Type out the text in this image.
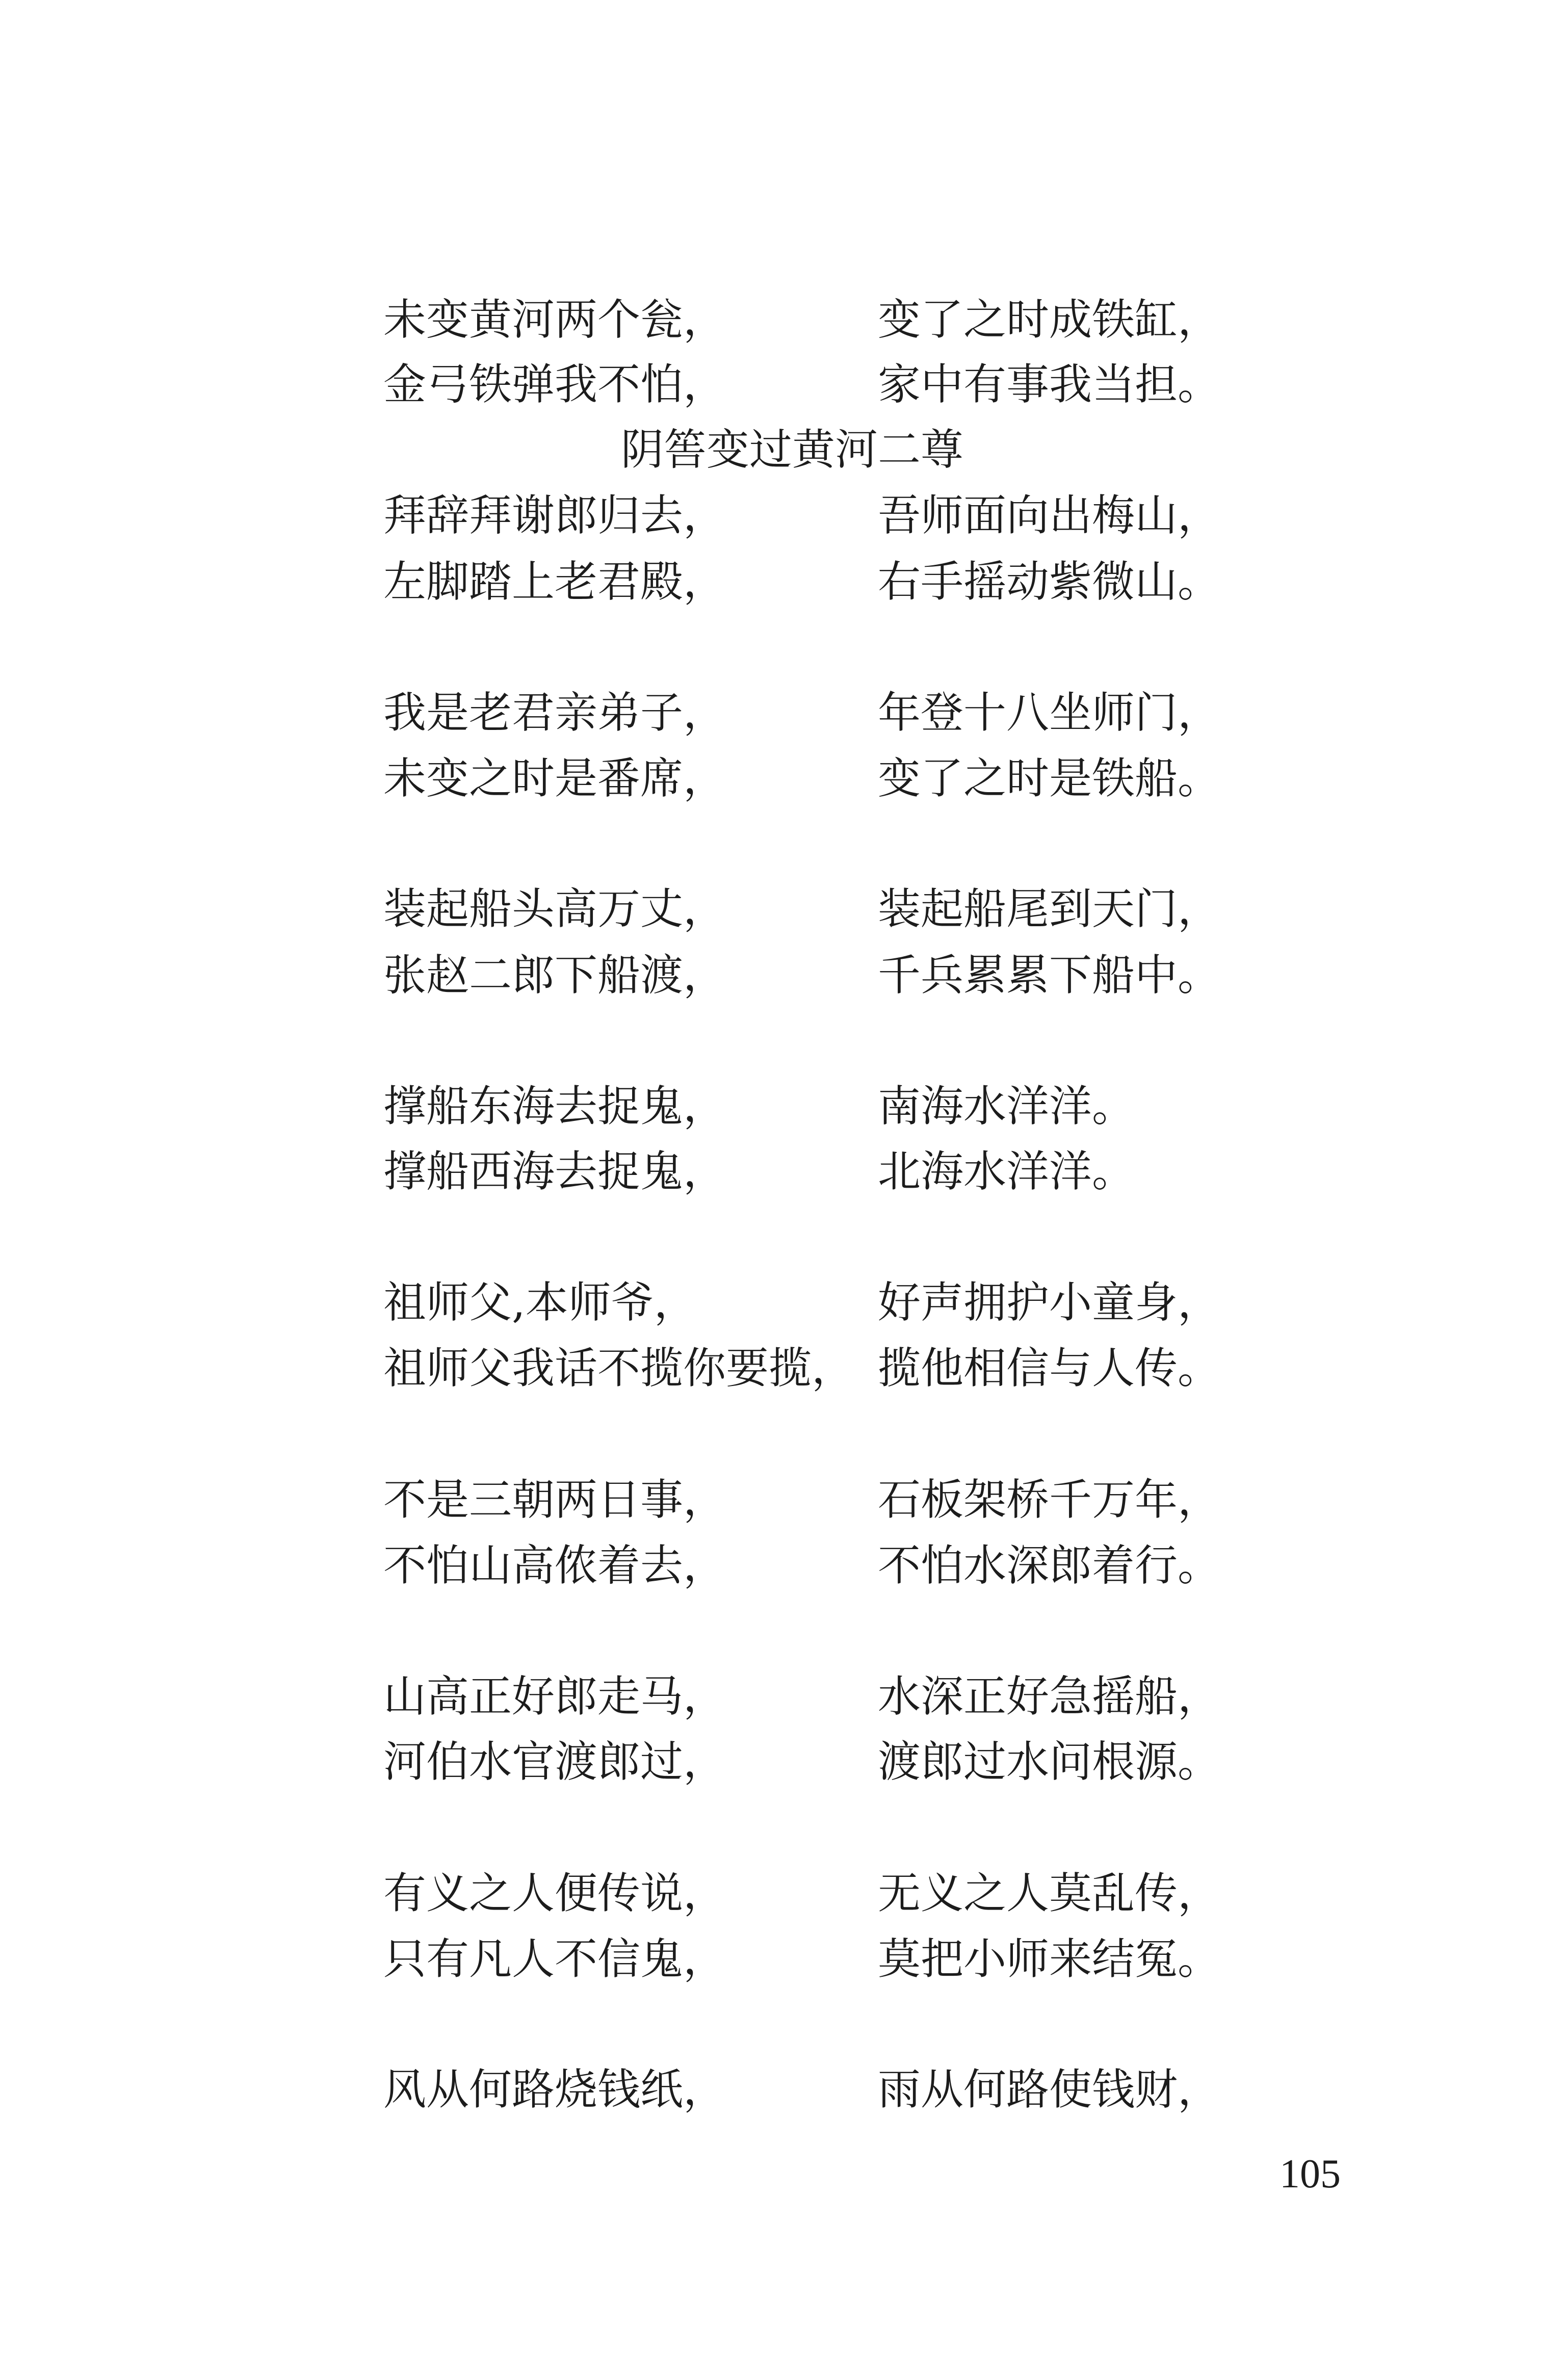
未变黄河两个瓮，	变了之时成铁缸，
金弓铁弹我不怕，	家中有事我当担。
阴筶变过黄河二尊
拜辞拜谢郎归去，	吾师面向出梅山，
左脚踏上老君殿，	右手摇动紫微山。
我是老君亲弟子，	年登十八坐师门，
未变之时是番席，	变了之时是铁船。
装起船头高万丈，	装起船尾到天门，
张赵二郎下船渡，	千兵累累下船中。
撑船东海去捉鬼，	南海水洋洋。
撑船西海去捉鬼，	北海水洋洋。
祖师父,本师爷，	好声拥护小童身，
祖师父我话不揽你要揽， 揽他相信与人传。
不是三朝两日事，	石板架桥千万年，
不怕山高侬着去，	不怕水深郎着行。
山高正好郎走马，	水深正好急摇船，
河伯水官渡郎过，	渡郎过水问根源。
有义之人便传说，	无义之人莫乱传，
只有凡人不信鬼，	莫把小师来结冤。
风从何路烧钱纸，	雨从何路使钱财，
105
